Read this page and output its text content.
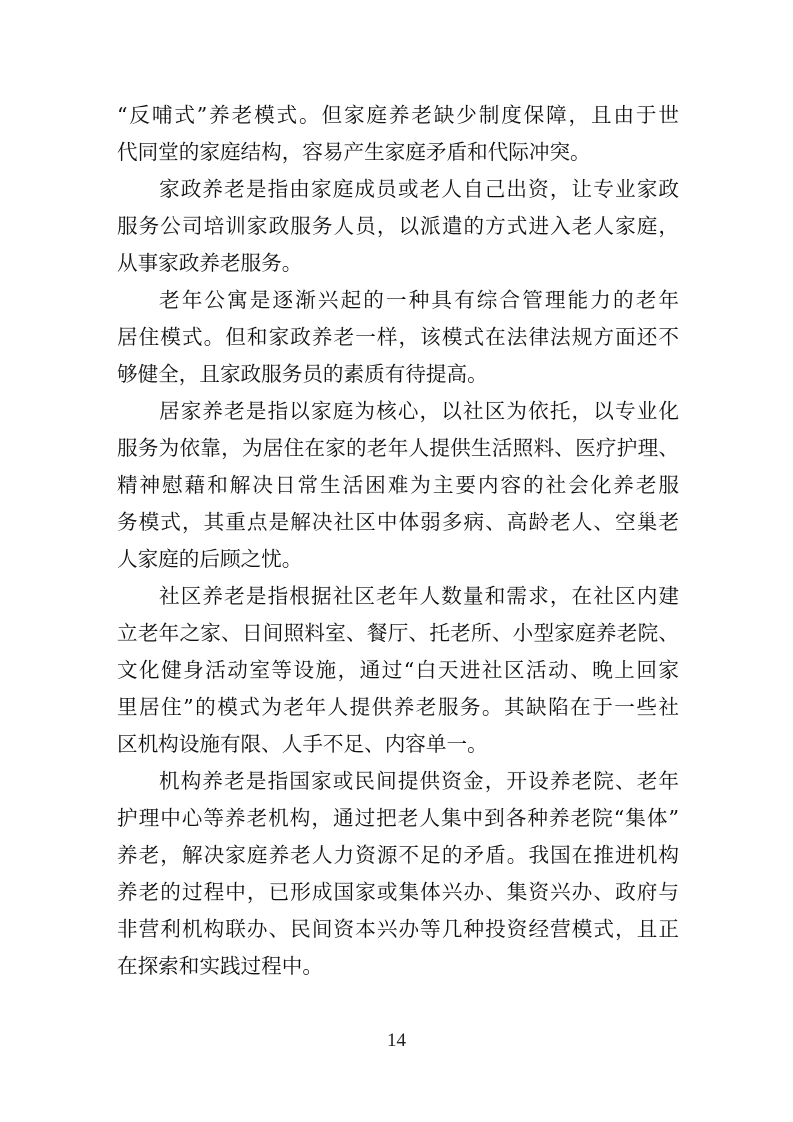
“反哺式”养老模式。但家庭养老缺少制度保障，且由于世
代同堂的家庭结构，容易产生家庭矛盾和代际冲突。
家政养老是指由家庭成员或老人自己出资，让专业家政
服务公司培训家政服务人员，以派遣的方式进入老人家庭，
从事家政养老服务。
老年公寓是逐渐兴起的一种具有综合管理能力的老年
居住模式。但和家政养老一样，该模式在法律法规方面还不
够健全，且家政服务员的素质有待提高。
居家养老是指以家庭为核心，以社区为依托，以专业化
服务为依靠，为居住在家的老年人提供生活照料、医疗护理、
精神慰藉和解决日常生活困难为主要内容的社会化养老服
务模式，其重点是解决社区中体弱多病、高龄老人、空巢老
人家庭的后顾之忧。
社区养老是指根据社区老年人数量和需求，在社区内建
立老年之家、日间照料室、餐厅、托老所、小型家庭养老院、
文化健身活动室等设施，通过“白天进社区活动、晚上回家
里居住”的模式为老年人提供养老服务。其缺陷在于一些社
区机构设施有限、人手不足、内容单一。
机构养老是指国家或民间提供资金，开设养老院、老年
护理中心等养老机构，通过把老人集中到各种养老院“集体”
养老，解决家庭养老人力资源不足的矛盾。我国在推进机构
养老的过程中，已形成国家或集体兴办、集资兴办、政府与
非营利机构联办、民间资本兴办等几种投资经营模式，且正
在探索和实践过程中。
14
